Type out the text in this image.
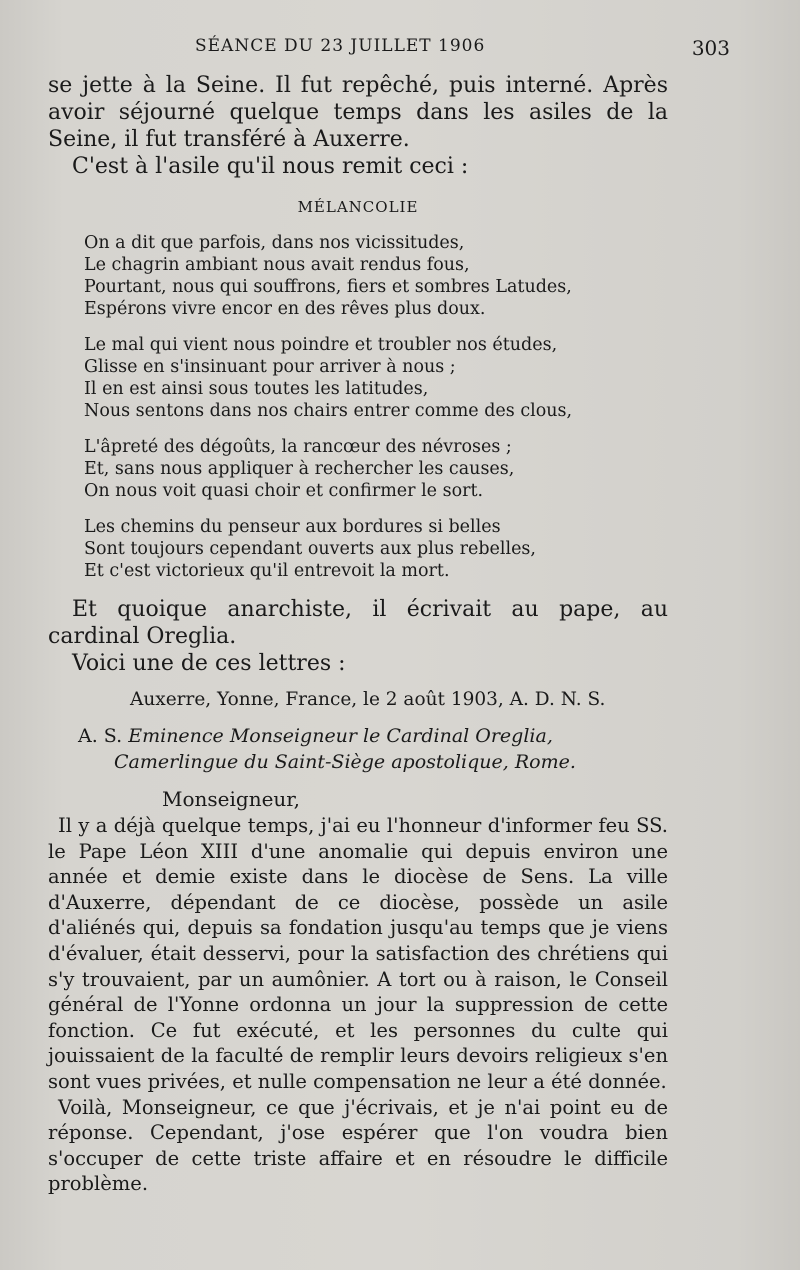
SÉANCE DU 23 JUILLET 1906	303

se jette à la Seine. Il fut repêché, puis interné. Après avoir séjourné quelque temps dans les asiles de la Seine, il fut transféré à Auxerre.

C'est à l'asile qu'il nous remit ceci :

MÉLANCOLIE
On a dit que parfois, dans nos vicissitudes,
Le chagrin ambiant nous avait rendus fous,
Pourtant, nous qui souffrons, fiers et sombres Latudes,
Espérons vivre encor en des rêves plus doux.
Le mal qui vient nous poindre et troubler nos études,
Glisse en s'insinuant pour arriver à nous ;
Il en est ainsi sous toutes les latitudes,
Nous sentons dans nos chairs entrer comme des clous,
L'âpreté des dégoûts, la rancœur des névroses ;
Et, sans nous appliquer à rechercher les causes,
On nous voit quasi choir et confirmer le sort.
Les chemins du penseur aux bordures si belles
Sont toujours cependant ouverts aux plus rebelles,
Et c'est victorieux qu'il entrevoit la mort.

Et quoique anarchiste, il écrivait au pape, au cardinal Oreglia.

Voici une de ces lettres :

Auxerre, Yonne, France, le 2 août 1903, A. D. N. S.
A. S. Eminence Monseigneur le Cardinal Oreglia,
Camerlingue du Saint-Siège apostolique, Rome.
Monseigneur,

Il y a déjà quelque temps, j'ai eu l'honneur d'informer feu SS. le Pape Léon XIII d'une anomalie qui depuis environ une année et demie existe dans le diocèse de Sens. La ville d'Auxerre, dépendant de ce diocèse, possède un asile d'aliénés qui, depuis sa fondation jusqu'au temps que je viens d'évaluer, était desservi, pour la satisfaction des chrétiens qui s'y trouvaient, par un aumônier. A tort ou à raison, le Conseil général de l'Yonne ordonna un jour la suppression de cette fonction. Ce fut exécuté, et les personnes du culte qui jouissaient de la faculté de remplir leurs devoirs religieux s'en sont vues privées, et nulle compensation ne leur a été donnée.

Voilà, Monseigneur, ce que j'écrivais, et je n'ai point eu de réponse. Cependant, j'ose espérer que l'on voudra bien s'occuper de cette triste affaire et en résoudre le difficile problème.
